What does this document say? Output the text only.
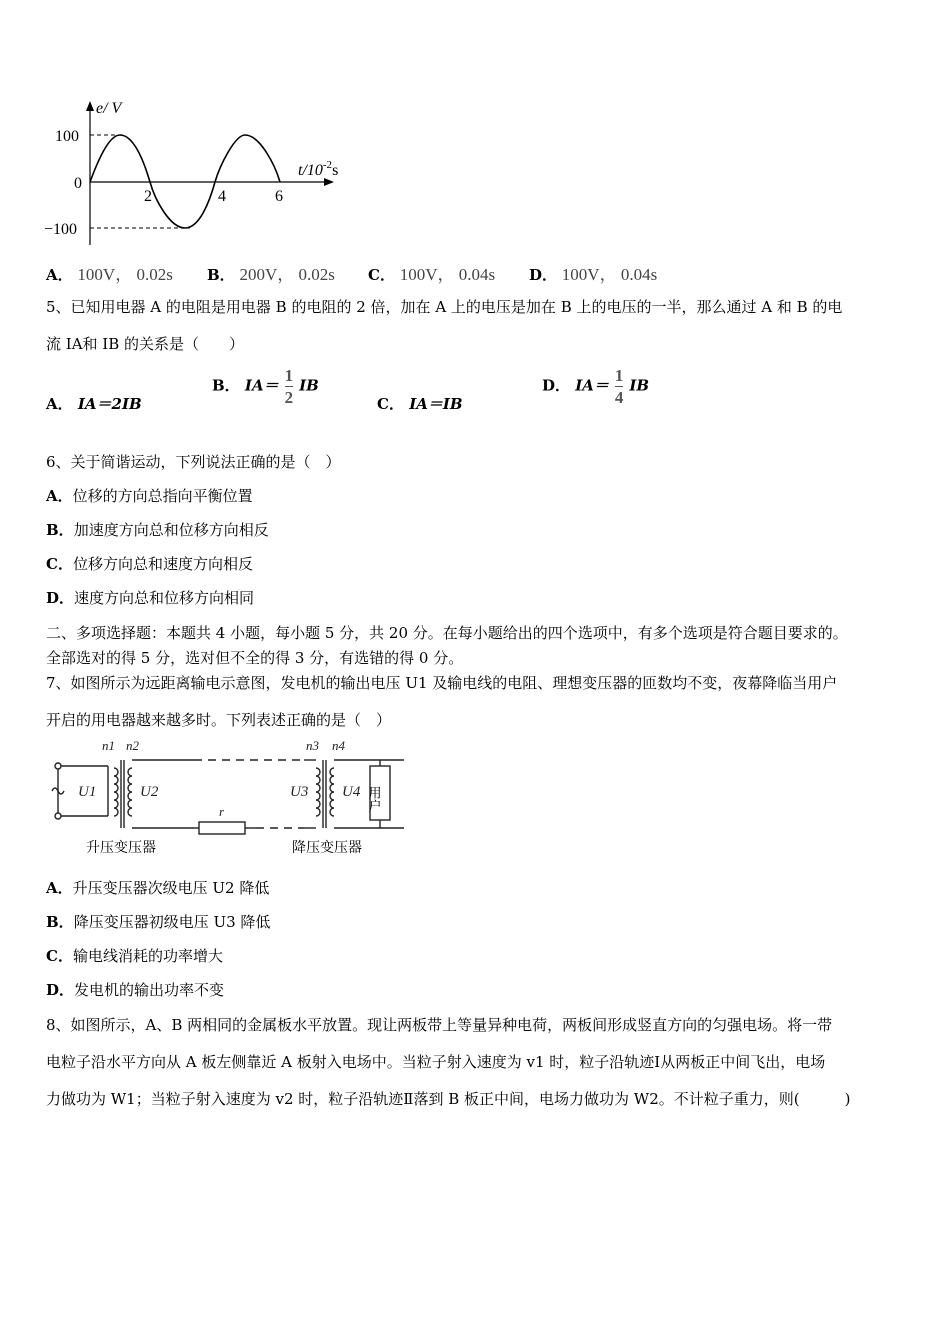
e/ V
100
0
−100
2	4	6
$t/10^{-2}s$
A． 100V， 0.02s B． 200V， 0.02s C． 100V， 0.04s D． 100V， 0.04s
5、已知用电器 A 的电阻是用电器 B 的电阻的 2 倍，加在 A 上的电压是加在 B 上的电压的一半，那么通过 A 和 B 的电
流 IA和 IB 的关系是（　　）
A． IA＝2IB
B． $IA= \frac{1}{2}$ IB
C． IA＝IB
D． $IA= \frac{1}{4}$ IB
6、关于简谐运动，下列说法正确的是（　）
A．位移的方向总指向平衡位置
B．加速度方向总和位移方向相反
C．位移方向总和速度方向相反
D．速度方向总和位移方向相同
二、多项选择题：本题共 4 小题，每小题 5 分，共 20 分。在每小题给出的四个选项中，有多个选项是符合题目要求的。
全部选对的得 5 分，选对但不全的得 3 分，有选错的得 0 分。
7、如图所示为远距离输电示意图，发电机的输出电压 U1 及输电线的电阻、理想变压器的匝数均不变，夜幕降临当用户
开启的用电器越来越多时。下列表述正确的是（　）
n1 n2	n3 n4
U1	U2	U3 U4
r	用户
升压变压器	降压变压器
A．升压变压器次级电压 U2 降低
B．降压变压器初级电压 U3 降低
C．输电线消耗的功率增大
D．发电机的输出功率不变
8、如图所示，A、B 两相同的金属板水平放置。现让两板带上等量异种电荷，两板间形成竖直方向的匀强电场。将一带
电粒子沿水平方向从 A 板左侧靠近 A 板射入电场中。当粒子射入速度为 v1 时，粒子沿轨迹Ⅰ从两板正中间飞出，电场
力做功为 W1；当粒子射入速度为 v2 时，粒子沿轨迹Ⅱ落到 B 板正中间，电场力做功为 W2。不计粒子重力，则(　　　)
